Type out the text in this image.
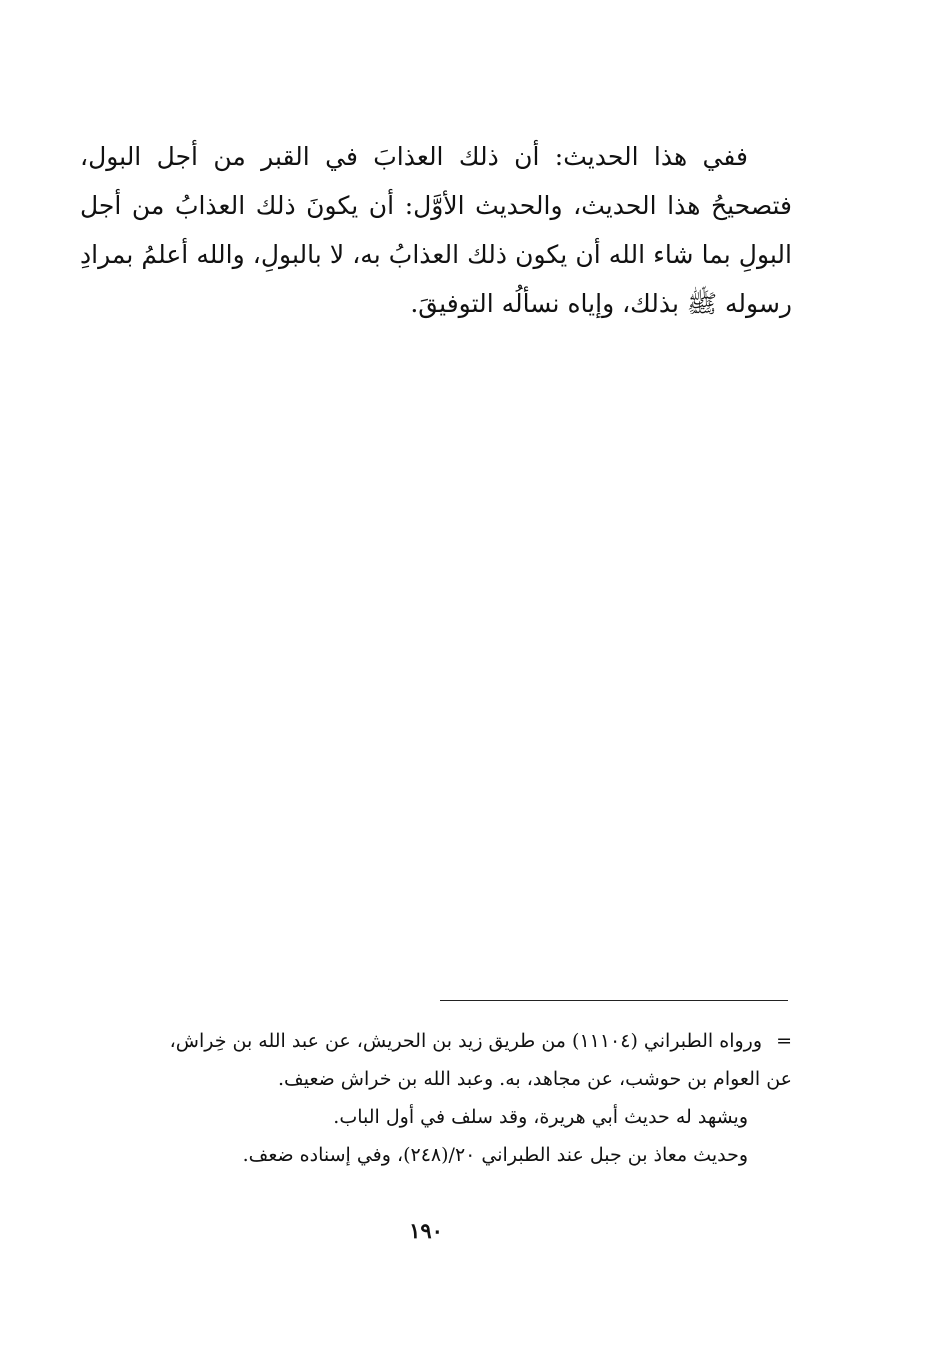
ففي هذا الحديث: أن ذلك العذابَ في القبر من أجل البول، فتصحيحُ هذا الحديث، والحديث الأوَّل: أن يكونَ ذلك العذابُ من أجل البولِ بما شاء الله أن يكون ذلك العذابُ به، لا بالبولِ، والله أعلمُ بمرادِ رسوله ﷺ بذلك، وإياه نسألُه التوفيقَ.

=ورواه الطبراني (١١١٠٤) من طريق زيد بن الحريش، عن عبد الله بن خِراش،
عن العوام بن حوشب، عن مجاهد، به. وعبد الله بن خراش ضعيف.
ويشهد له حديث أبي هريرة، وقد سلف في أول الباب.
وحديث معاذ بن جبل عند الطبراني ٢٠/(٢٤٨)، وفي إسناده ضعف.
١٩٠
